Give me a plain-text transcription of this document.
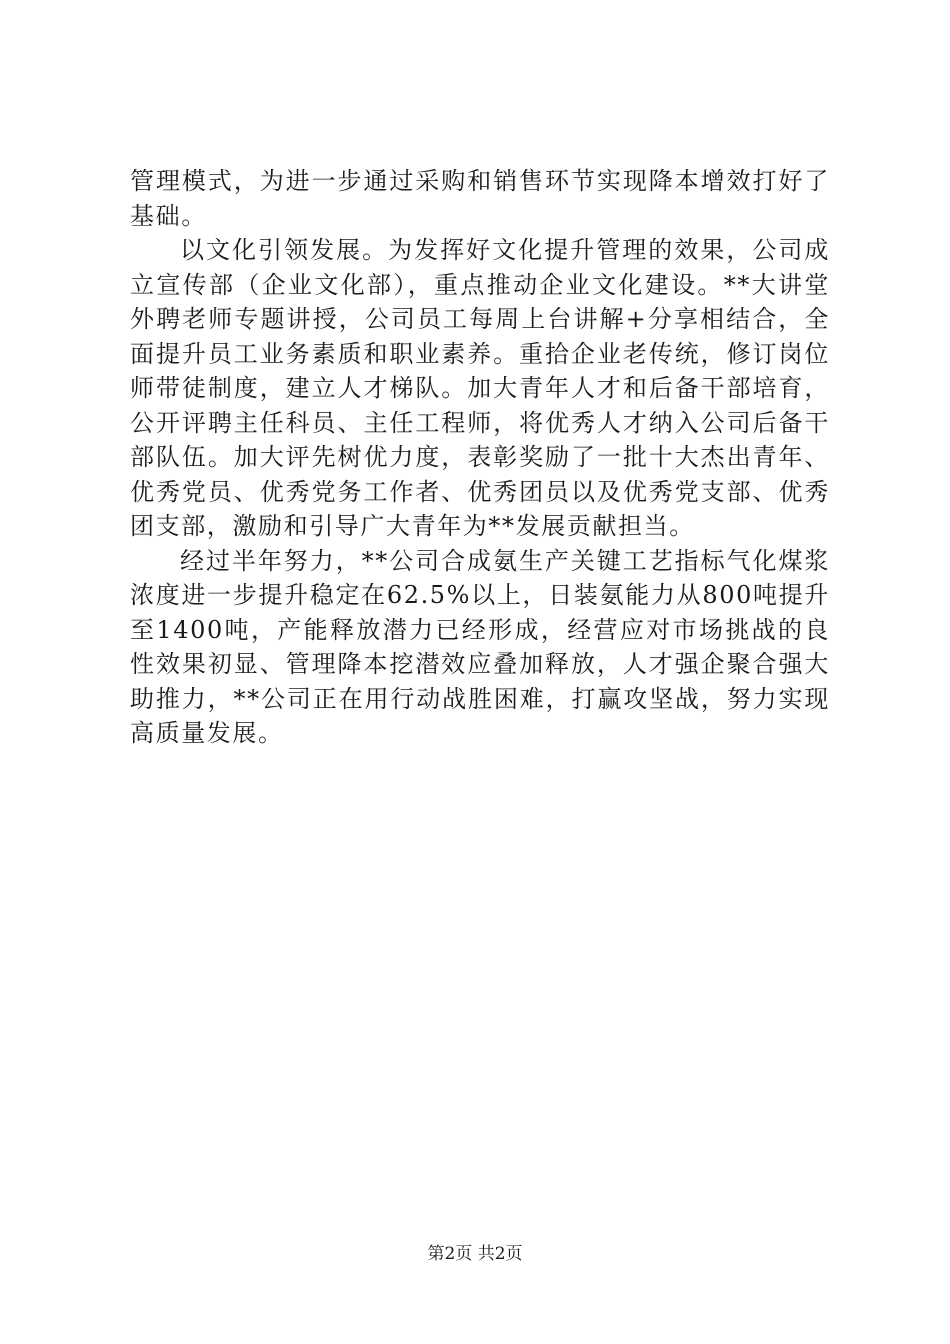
管理模式，为进一步通过采购和销售环节实现降本增效打好了基础。

以文化引领发展。为发挥好文化提升管理的效果，公司成立宣传部（企业文化部），重点推动企业文化建设。**大讲堂外聘老师专题讲授，公司员工每周上台讲解+分享相结合，全面提升员工业务素质和职业素养。重拾企业老传统，修订岗位师带徒制度，建立人才梯队。加大青年人才和后备干部培育，公开评聘主任科员、主任工程师，将优秀人才纳入公司后备干部队伍。加大评先树优力度，表彰奖励了一批十大杰出青年、优秀党员、优秀党务工作者、优秀团员以及优秀党支部、优秀团支部，激励和引导广大青年为**发展贡献担当。

经过半年努力，**公司合成氨生产关键工艺指标气化煤浆浓度进一步提升稳定在62.5%以上，日装氨能力从800吨提升至1400吨，产能释放潜力已经形成，经营应对市场挑战的良性效果初显、管理降本挖潜效应叠加释放，人才强企聚合强大助推力，**公司正在用行动战胜困难，打赢攻坚战，努力实现高质量发展。

第2页 共2页
